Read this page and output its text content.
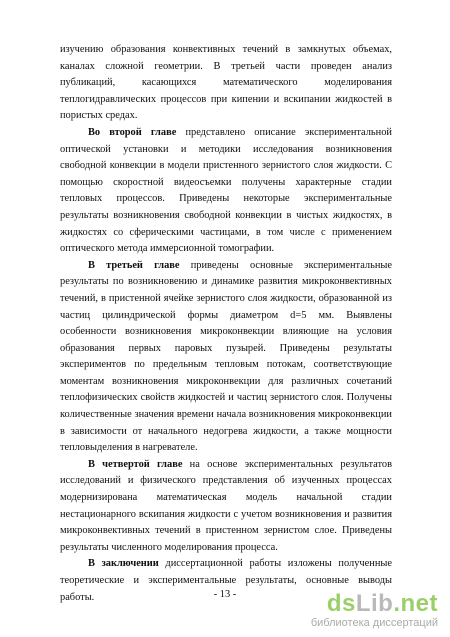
изучению образования конвективных течений в замкнутых объемах, каналах сложной геометрии. В третьей части проведен анализ публикаций, касающихся математического моделирования теплогидравлических процессов при кипении и вскипании жидкостей в пористых средах.

Во второй главе представлено описание экспериментальной оптической установки и методики исследования возникновения свободной конвекции в модели пристенного зернистого слоя жидкости. С помощью скоростной видеосъемки получены характерные стадии тепловых процессов. Приведены некоторые экспериментальные результаты возникновения свободной конвекции в чистых жидкостях, в жидкостях со сферическими частицами, в том числе с применением оптического метода иммерсионной томографии.

В третьей главе приведены основные экспериментальные результаты по возникновению и динамике развития микроконвективных течений, в пристенной ячейке зернистого слоя жидкости, образованной из частиц цилиндрической формы диаметром d=5 мм. Выявлены особенности возникновения микроконвекции влияющие на условия образования первых паровых пузырей. Приведены результаты экспериментов по предельным тепловым потокам, соответствующие моментам возникновения микроконвекции для различных сочетаний теплофизических свойств жидкостей и частиц зернистого слоя. Получены количественные значения времени начала возникновения микроконвекции в зависимости от начального недогрева жидкости, а также мощности тепловыделения в нагревателе.

В четвертой главе на основе экспериментальных результатов исследований и физического представления об изученных процессах модернизирована математическая модель начальной стадии нестационарного вскипания жидкости с учетом возникновения и развития микроконвективных течений в пристенном зернистом слое. Приведены результаты численного моделирования процесса.

В заключении диссертационной работы изложены полученные теоретические и экспериментальные результаты, основные выводы работы.	- 13 -	dsLib.net
библиотека диссертаций
